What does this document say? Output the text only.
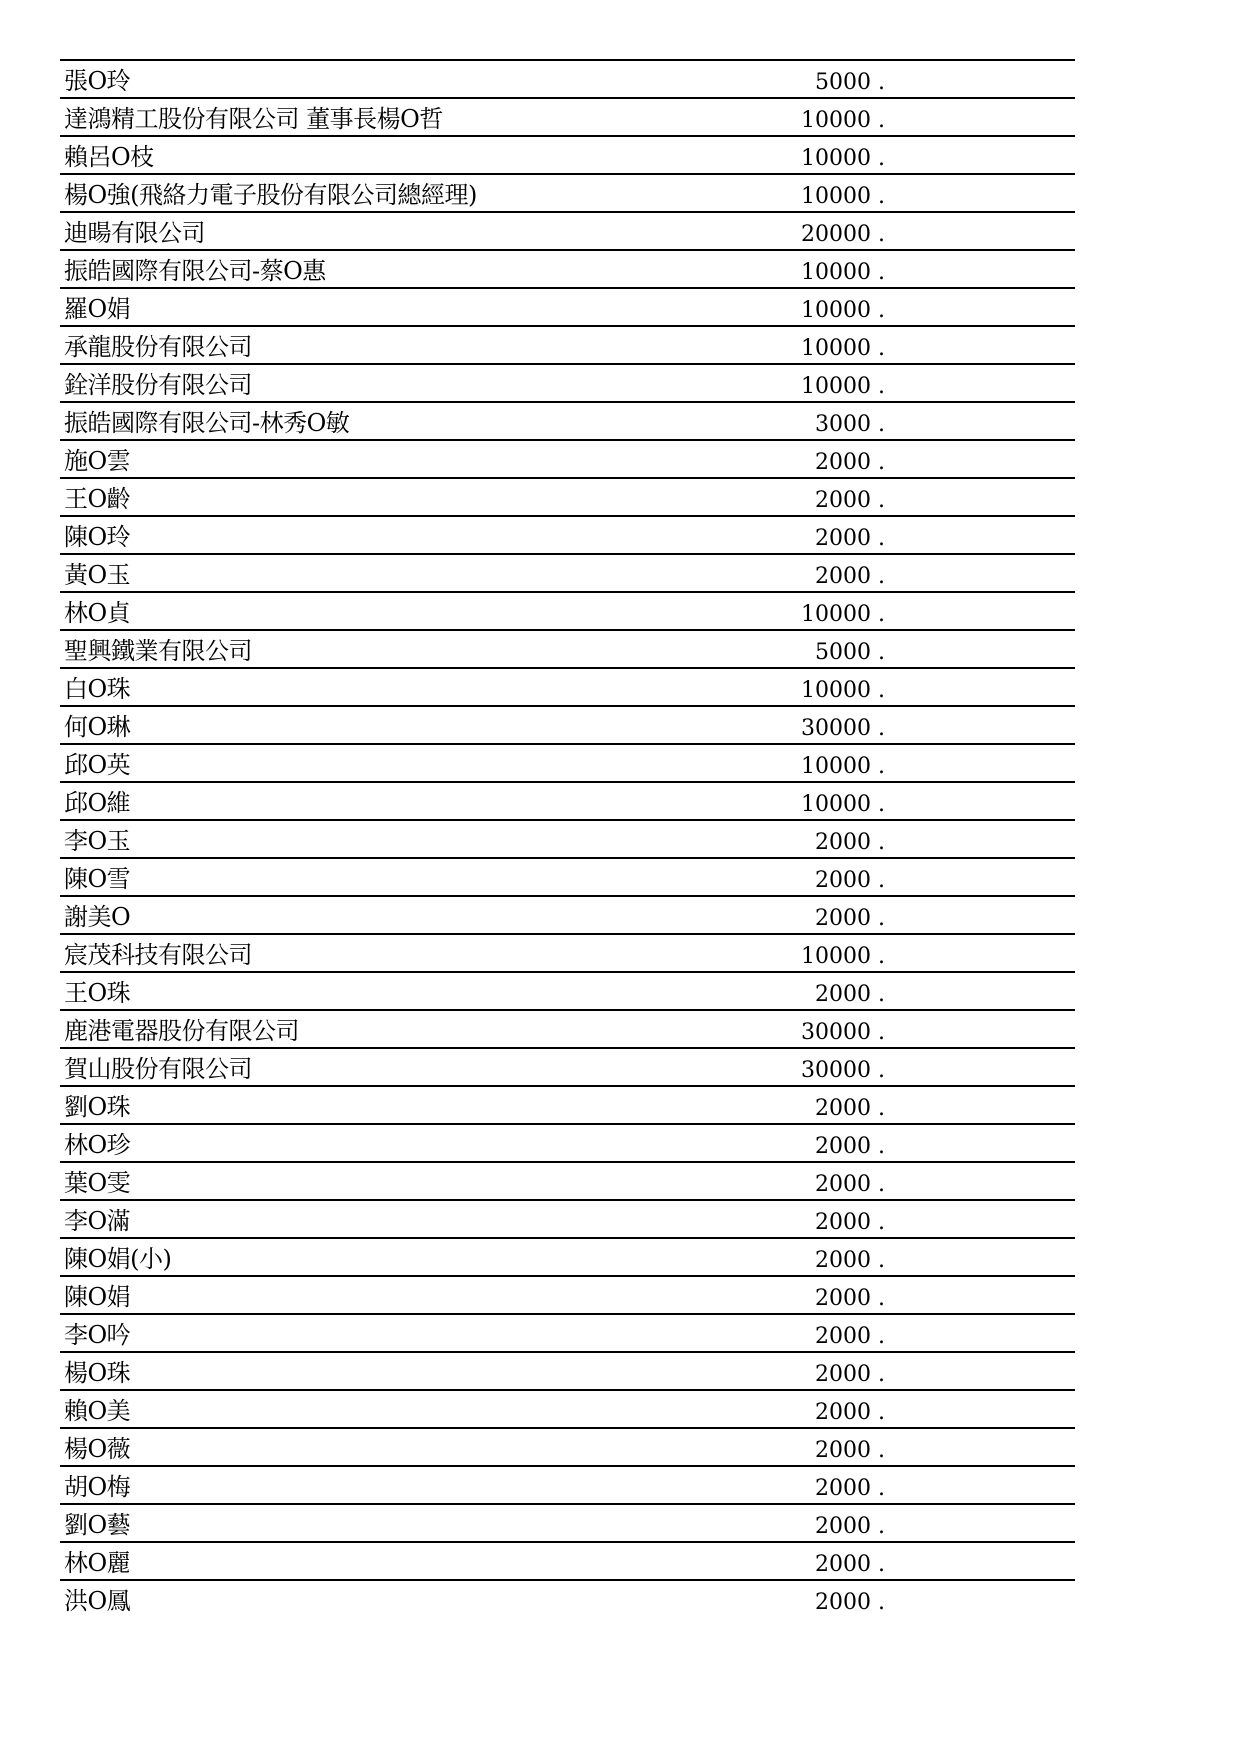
張O玲	5000 .
達鴻精工股份有限公司 董事長楊O哲	10000 .
賴呂O枝	10000 .
楊O強(飛絡力電子股份有限公司總經理)	10000 .
迪暘有限公司	20000 .
振皓國際有限公司-蔡O惠	10000 .
羅O娟	10000 .
承龍股份有限公司	10000 .
銓洋股份有限公司	10000 .
振皓國際有限公司-林秀O敏	3000 .
施O雲	2000 .
王O齡	2000 .
陳O玲	2000 .
黃O玉	2000 .
林O貞	10000 .
聖興鐵業有限公司	5000 .
白O珠	10000 .
何O琳	30000 .
邱O英	10000 .
邱O維	10000 .
李O玉	2000 .
陳O雪	2000 .
謝美O	2000 .
宸茂科技有限公司	10000 .
王O珠	2000 .
鹿港電器股份有限公司	30000 .
賀山股份有限公司	30000 .
劉O珠	2000 .
林O珍	2000 .
葉O雯	2000 .
李O滿	2000 .
陳O娟(小)	2000 .
陳O娟	2000 .
李O吟	2000 .
楊O珠	2000 .
賴O美	2000 .
楊O薇	2000 .
胡O梅	2000 .
劉O藝	2000 .
林O麗	2000 .
洪O鳳	2000 .
